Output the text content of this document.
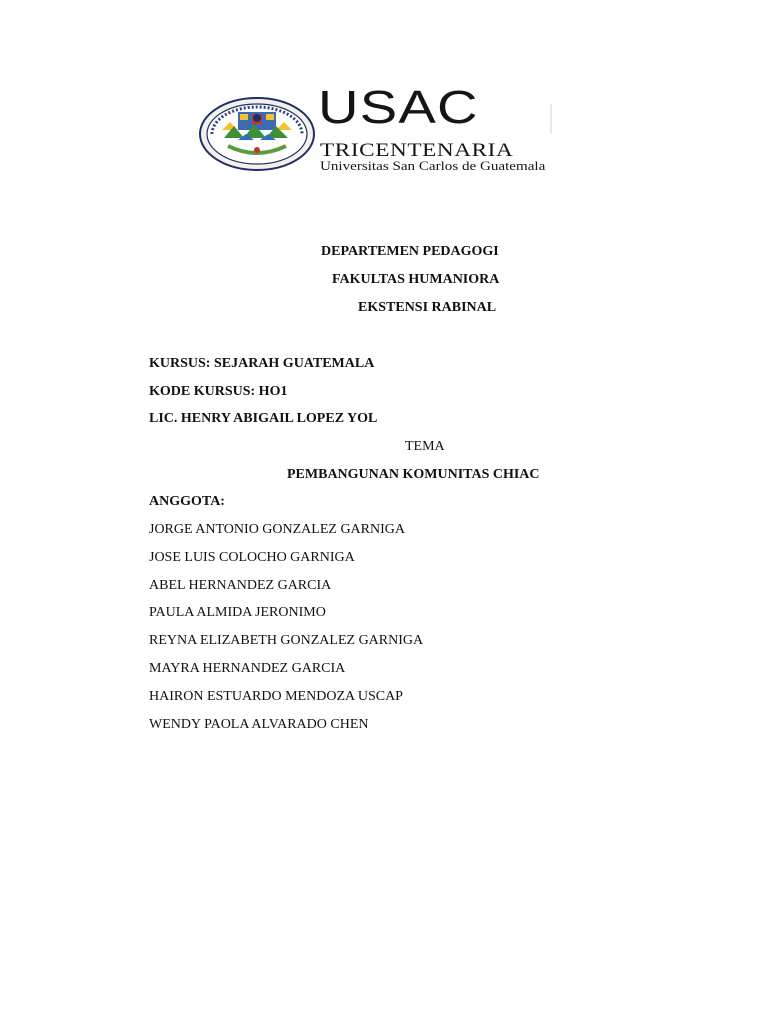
USAC
TRICENTENARIA
Universitas San Carlos de Guatemala
DEPARTEMEN PEDAGOGI
FAKULTAS HUMANIORA
EKSTENSI RABINAL
KURSUS: SEJARAH GUATEMALA
KODE KURSUS: HO1
LIC. HENRY ABIGAIL LOPEZ YOL
TEMA
PEMBANGUNAN KOMUNITAS CHIAC
ANGGOTA:
JORGE ANTONIO GONZALEZ GARNIGA
JOSE LUIS COLOCHO GARNIGA
ABEL HERNANDEZ GARCIA
PAULA ALMIDA JERONIMO
REYNA ELIZABETH GONZALEZ GARNIGA
MAYRA HERNANDEZ GARCIA
HAIRON ESTUARDO MENDOZA USCAP
WENDY PAOLA ALVARADO CHEN
